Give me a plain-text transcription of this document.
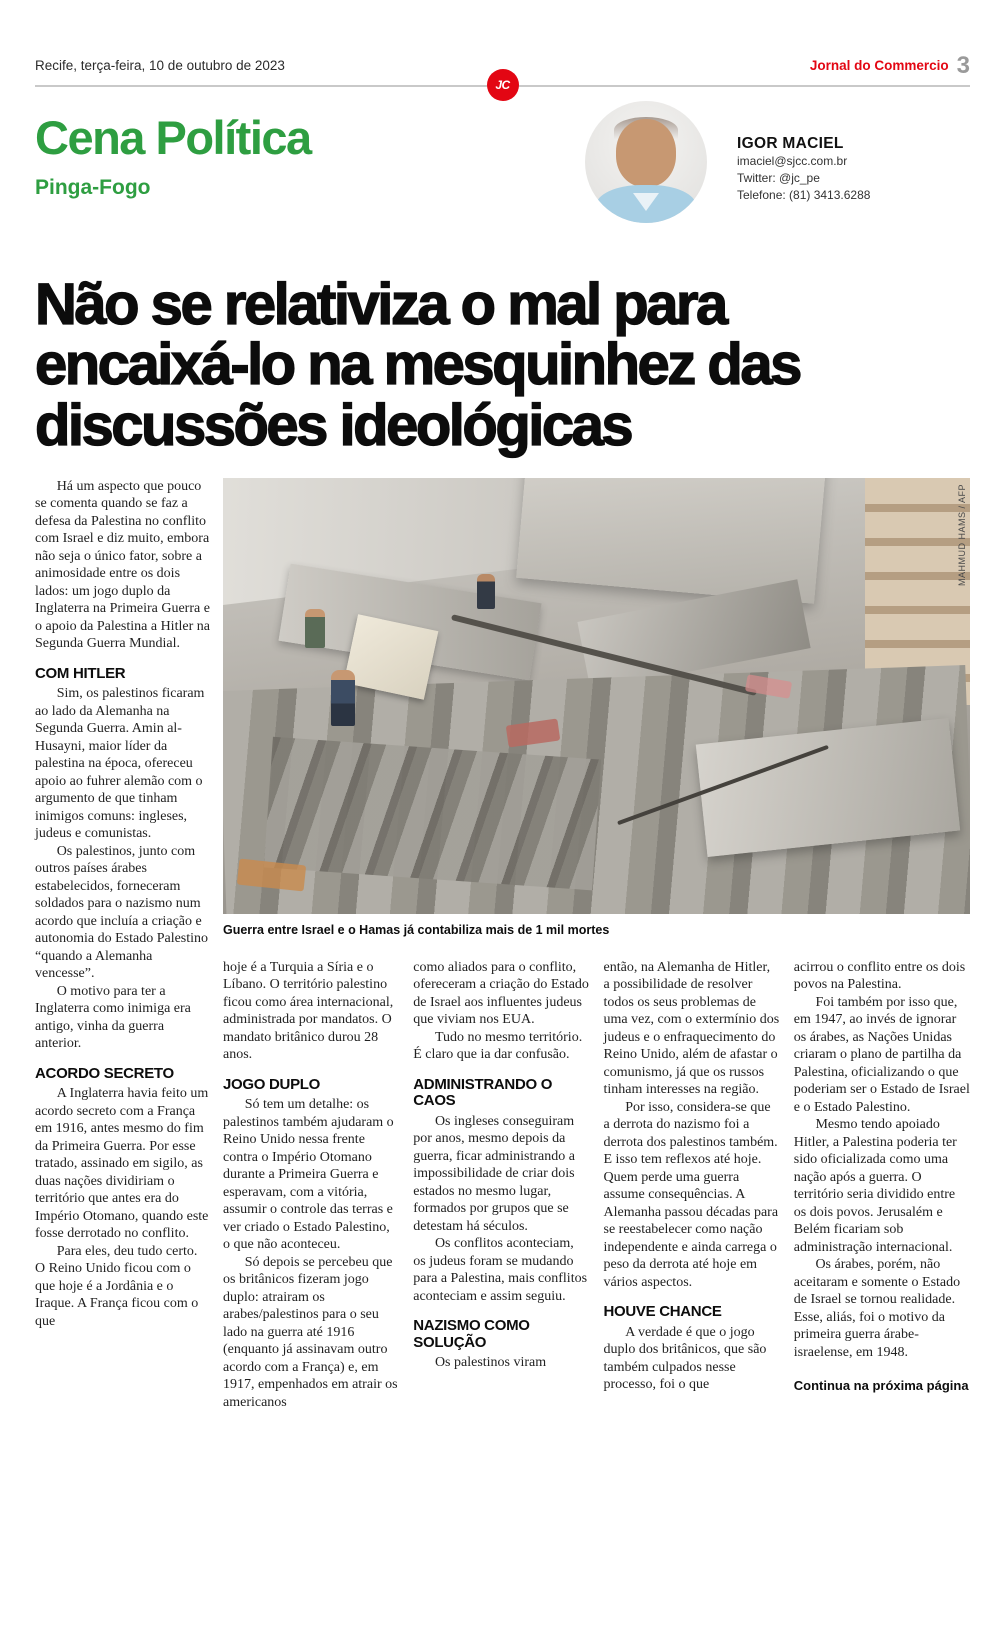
Recife, terça-feira, 10 de outubro de 2023	Jornal do Commercio 3
JC
Cena Política
Pinga-Fogo
IGOR MACIEL
imaciel@sjcc.com.br
Twitter: @jc_pe
Telefone: (81) 3413.6288
Não se relativiza o mal para
encaixá-lo na mesquinhez das
discussões ideológicas

Há um aspecto que pouco se comenta quando se faz a defesa da Palestina no conflito com Israel e diz muito, embora não seja o único fator, sobre a animosidade entre os dois lados: um jogo duplo da Inglaterra na Primeira Guerra e o apoio da Palestina a Hitler na Segunda Guerra Mundial.

COM HITLER

Sim, os palestinos ficaram ao lado da Alemanha na Segunda Guerra. Amin al-Husayni, maior líder da palestina na época, ofereceu apoio ao fuhrer alemão com o argumento de que tinham inimigos comuns: ingleses, judeus e comunistas.

Os palestinos, junto com outros países árabes estabelecidos, forneceram soldados para o nazismo num acordo que incluía a criação e autonomia do Estado Palestino “quando a Alemanha vencesse”.

O motivo para ter a Inglaterra como inimiga era antigo, vinha da guerra anterior.

ACORDO SECRETO

A Inglaterra havia feito um acordo secreto com a França em 1916, antes mesmo do fim da Primeira Guerra. Por esse tratado, assinado em sigilo, as duas nações dividiriam o território que antes era do Império Otomano, quando este fosse derrotado no conflito.

Para eles, deu tudo certo. O Reino Unido ficou com o que hoje é a Jordânia e o Iraque. A França ficou com o que

MAHMUD HAMS / AFP
Guerra entre Israel e o Hamas já contabiliza mais de 1 mil mortes

hoje é a Turquia a Síria e o Líbano. O território palestino ficou como área internacional, administrada por mandatos. O mandato britânico durou 28 anos.

JOGO DUPLO

Só tem um detalhe: os palestinos também ajudaram o Reino Unido nessa frente contra o Império Otomano durante a Primeira Guerra e esperavam, com a vitória, assumir o controle das terras e ver criado o Estado Palestino, o que não aconteceu.

Só depois se percebeu que os britânicos fizeram jogo duplo: atrairam os arabes/palestinos para o seu lado na guerra até 1916 (enquanto já assinavam outro acordo com a França) e, em 1917, empenhados em atrair os americanos

como aliados para o conflito, ofereceram a criação do Estado de Israel aos influentes judeus que viviam nos EUA.

Tudo no mesmo território. É claro que ia dar confusão.

ADMINISTRANDO O CAOS

Os ingleses conseguiram por anos, mesmo depois da guerra, ficar administrando a impossibilidade de criar dois estados no mesmo lugar, formados por grupos que se detestam há séculos.

Os conflitos aconteciam, os judeus foram se mudando para a Palestina, mais conflitos aconteciam e assim seguiu.

NAZISMO COMO SOLUÇÃO

Os palestinos viram

então, na Alemanha de Hitler, a possibilidade de resolver todos os seus problemas de uma vez, com o extermínio dos judeus e o enfraquecimento do Reino Unido, além de afastar o comunismo, já que os russos tinham interesses na região.

Por isso, considera-se que a derrota do nazismo foi a derrota dos palestinos também. E isso tem reflexos até hoje. Quem perde uma guerra assume consequências. A Alemanha passou décadas para se reestabelecer como nação independente e ainda carrega o peso da derrota até hoje em vários aspectos.

HOUVE CHANCE

A verdade é que o jogo duplo dos britânicos, que são também culpados nesse processo, foi o que

acirrou o conflito entre os dois povos na Palestina.

Foi também por isso que, em 1947, ao invés de ignorar os árabes, as Nações Unidas criaram o plano de partilha da Palestina, oficializando o que poderiam ser o Estado de Israel e o Estado Palestino.

Mesmo tendo apoiado Hitler, a Palestina poderia ter sido oficializada como uma nação após a guerra. O território seria dividido entre os dois povos. Jerusalém e Belém ficariam sob administração internacional.

Os árabes, porém, não aceitaram e somente o Estado de Israel se tornou realidade. Esse, aliás, foi o motivo da primeira guerra árabe-israelense, em 1948.

Continua na próxima página
